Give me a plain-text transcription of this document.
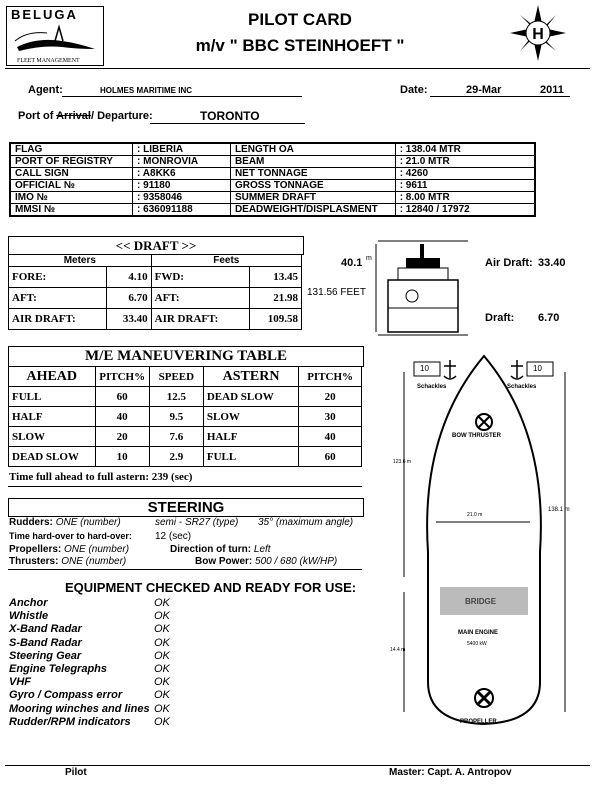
BELUGA
FLEET MANAGEMENT
PILOT CARD
m/v " BBC STEINHOEFT "
H
Agent:	HOLMES MARITIME INC	Date:	29-Mar	2011
Port of Arrival/ Departure:	TORONTO
FLAG	: LIBERIA	LENGTH OA	: 138.04 MTR
PORT OF REGISTRY	: MONROVIA	BEAM	: 21.0 MTR
CALL SIGN	: A8KK6	NET TONNAGE	: 4260
OFFICIAL №	: 91180	GROSS TONNAGE	: 9611
IMO №	: 9358046	SUMMER DRAFT	: 8.00 MTR
MMSI №	: 636091188	DEADWEIGHT/DISPLASMENT	: 12840 / 17972
<< DRAFT >>
Meters		Feets	
FORE:	4.10	FWD:	13.45
AFT:	6.70	AFT:	21.98
AIR DRAFT:	33.40	AIR DRAFT:	109.58
40.1 m
131.56 FEET
Air Draft: 33.40
Draft: 6.70
M/E MANEUVERING TABLE
AHEAD	PITCH%	SPEED	ASTERN	PITCH%
FULL	60	12.5	DEAD SLOW	20
HALF	40	9.5	SLOW	30
SLOW	20	7.6	HALF	40
DEAD SLOW	10	2.9	FULL	60
Time full ahead to full astern: 239 (sec)
STEERING
Rudders: ONE (number)	semi - SR27 (type) 35° (maximum angle)
Time hard-over to hard-over: 12 (sec)
Propellers: ONE (number)	Direction of turn: Left
Thrusters: ONE (number)	Bow Power: 500 / 680 (kW/HP)
EQUIPMENT CHECKED AND READY FOR USE:
Anchor	OK
Whistle	OK
X-Band Radar	OK
S-Band Radar	OK
Steering Gear	OK
Engine Telegraphs	OK
VHF	OK
Gyro / Compass error	OK
Mooring winches and lines OK
Rudder/RPM indicators OK
10	10
Schackles	Schackles
BOW THRUSTER
123.6 m
138.1 m
21.0 m
BRIDGE
MAIN ENGINE
5400 kW
14.4 m
PROPELLER
Pilot	Master: Capt. A. Antropov
